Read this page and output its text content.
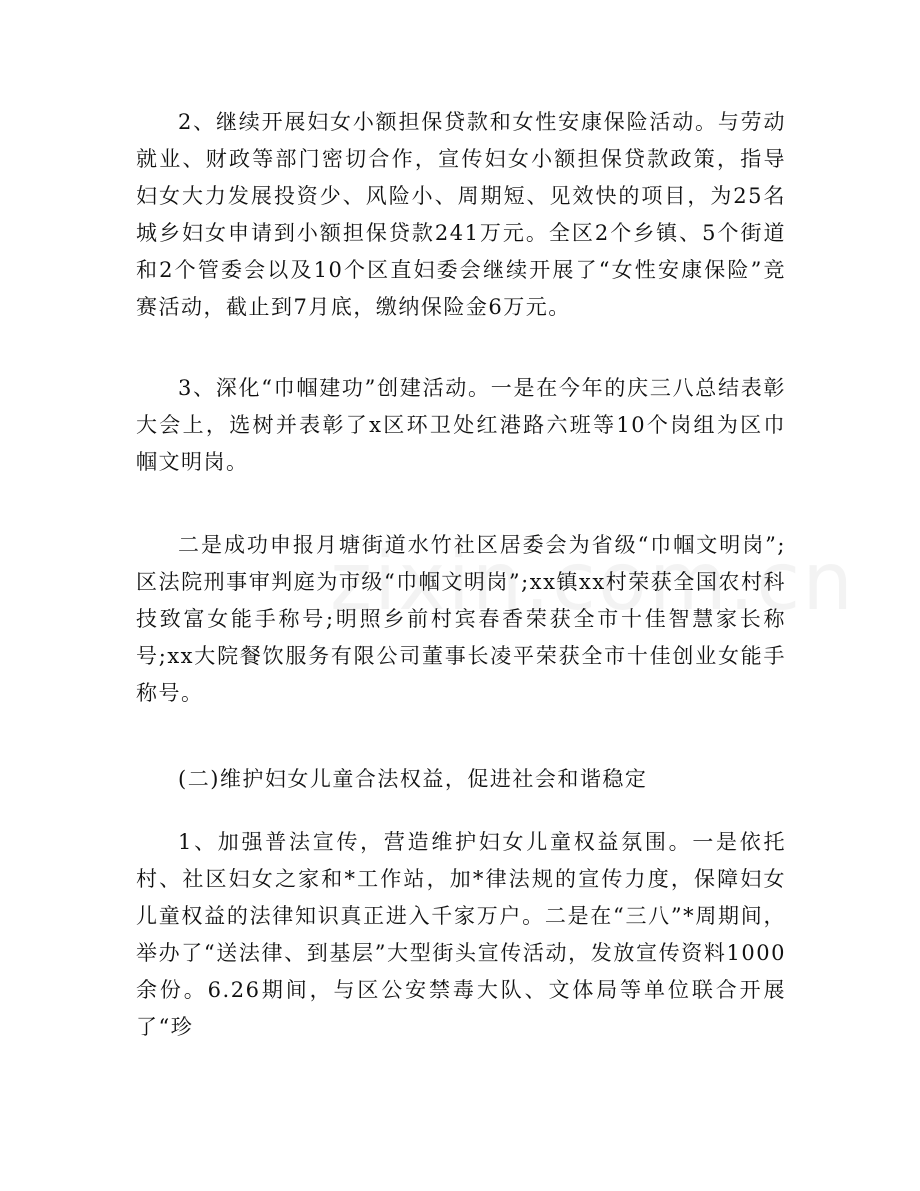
2、继续开展妇女小额担保贷款和女性安康保险活动。与劳动就业、财政等部门密切合作，宣传妇女小额担保贷款政策，指导妇女大力发展投资少、风险小、周期短、见效快的项目，为25名城乡妇女申请到小额担保贷款241万元。全区2个乡镇、5个街道和2个管委会以及10个区直妇委会继续开展了“女性安康保险”竞赛活动，截止到7月底，缴纳保险金6万元。

3、深化“巾帼建功”创建活动。一是在今年的庆三八总结表彰大会上，选树并表彰了x区环卫处红港路六班等10个岗组为区巾帼文明岗。

二是成功申报月塘街道水竹社区居委会为省级“巾帼文明岗”;区法院刑事审判庭为市级“巾帼文明岗”;xx镇xx村荣获全国农村科技致富女能手称号;明照乡前村宾春香荣获全市十佳智慧家长称号;xx大院餐饮服务有限公司董事长凌平荣获全市十佳创业女能手称号。

(二)维护妇女儿童合法权益，促进社会和谐稳定

1、加强普法宣传，营造维护妇女儿童权益氛围。一是依托村、社区妇女之家和*工作站，加*律法规的宣传力度，保障妇女儿童权益的法律知识真正进入千家万户。二是在“三八”*周期间，举办了“送法律、到基层”大型街头宣传活动，发放宣传资料1000余份。6.26期间，与区公安禁毒大队、文体局等单位联合开展了“珍
